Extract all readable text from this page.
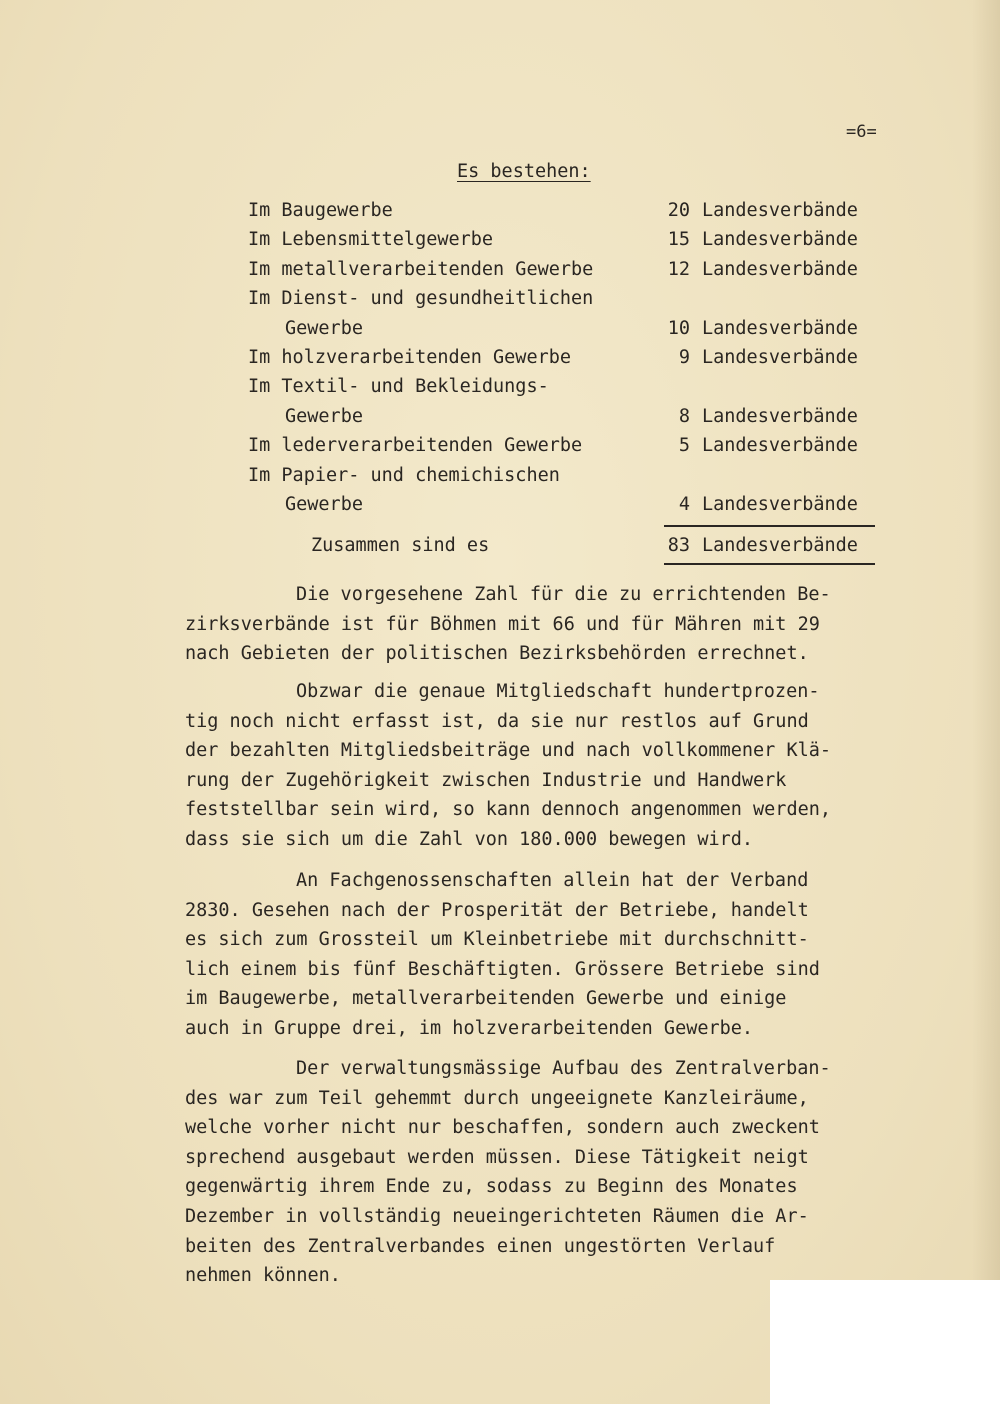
=6=
Es bestehen:
Im Baugewerbe	20 Landesverbände
Im Lebensmittelgewerbe	15 Landesverbände
Im metallverarbeitenden Gewerbe	12 Landesverbände
Im Dienst- und gesundheitlichen
Gewerbe	10 Landesverbände
Im holzverarbeitenden Gewerbe	9 Landesverbände
Im Textil- und Bekleidungs-
Gewerbe	8 Landesverbände
Im lederverarbeitenden Gewerbe	5 Landesverbände
Im Papier- und chemichischen
Gewerbe	4 Landesverbände
Zusammen sind es	83 Landesverbände
Die vorgesehene Zahl für die zu errichtenden Be-
zirksverbände ist für Böhmen mit 66 und für Mähren mit 29
nach Gebieten der politischen Bezirksbehörden errechnet.
Obzwar die genaue Mitgliedschaft hundertprozen-
tig noch nicht erfasst ist, da sie nur restlos auf Grund
der bezahlten Mitgliedsbeiträge und nach vollkommener Klä-
rung der Zugehörigkeit zwischen Industrie und Handwerk
feststellbar sein wird, so kann dennoch angenommen werden,
dass sie sich um die Zahl von 180.000 bewegen wird.
An Fachgenossenschaften allein hat der Verband
2830. Gesehen nach der Prosperität der Betriebe, handelt
es sich zum Grossteil um Kleinbetriebe mit durchschnitt-
lich einem bis fünf Beschäftigten. Grössere Betriebe sind
im Baugewerbe, metallverarbeitenden Gewerbe und einige
auch in Gruppe drei, im holzverarbeitenden Gewerbe.
Der verwaltungsmässige Aufbau des Zentralverban-
des war zum Teil gehemmt durch ungeeignete Kanzleiräume,
welche vorher nicht nur beschaffen, sondern auch zweckent
sprechend ausgebaut werden müssen. Diese Tätigkeit neigt
gegenwärtig ihrem Ende zu, sodass zu Beginn des Monates
Dezember in vollständig neueingerichteten Räumen die Ar-
beiten des Zentralverbandes einen ungestörten Verlauf
nehmen können.
